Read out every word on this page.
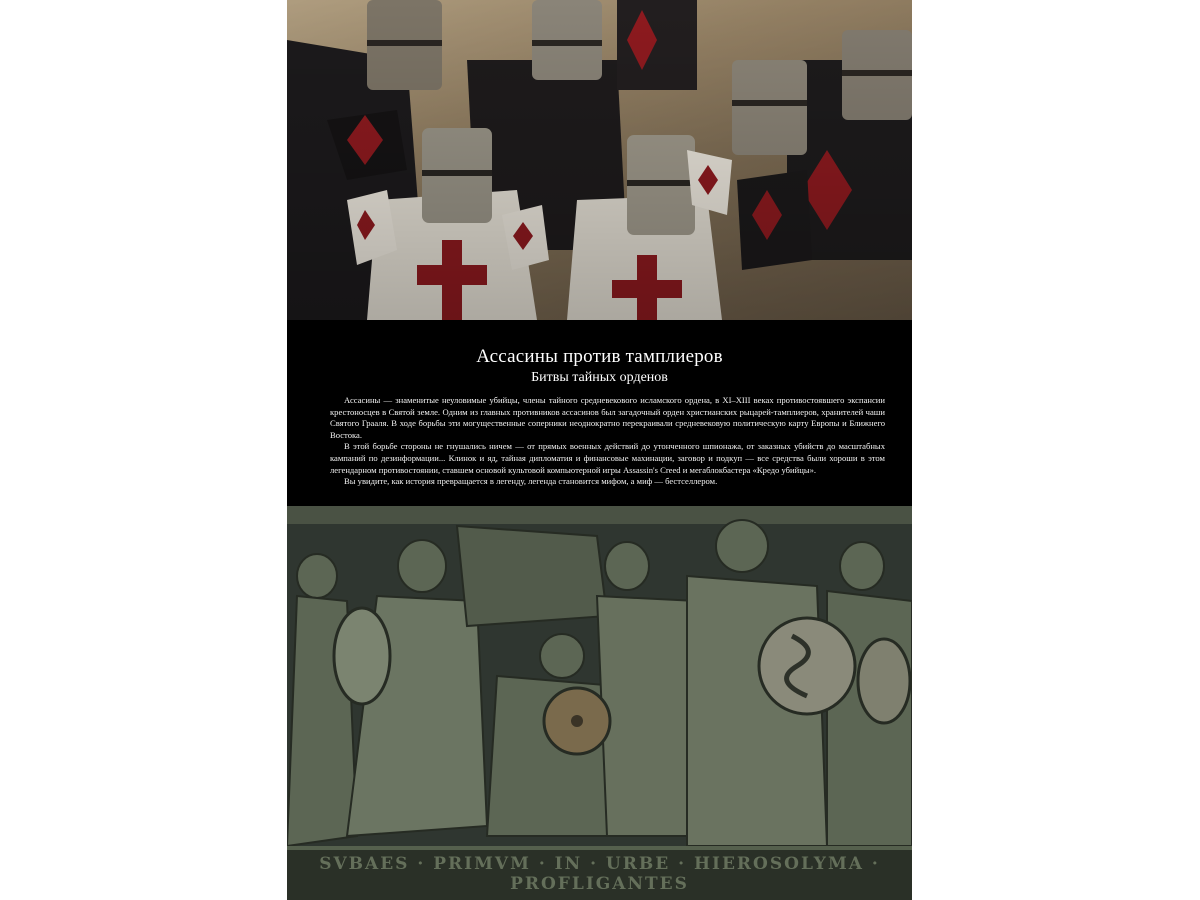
Ассасины против тамплиеров
Битвы тайных орденов

Ассасины — знаменитые неуловимые убийцы, члены тайного средневекового исламского ордена, в XI–XIII веках противостоявшего экспансии крестоносцев в Святой земле. Одним из главных противников ассасинов был загадочный орден христианских рыцарей-тамплиеров, хранителей чаши Святого Грааля. В ходе борьбы эти могущественные соперники неоднократно перекраивали средневековую политическую карту Европы и Ближнего Востока.

В этой борьбе стороны не гнушались ничем — от прямых военных действий до утонченного шпионажа, от заказных убийств до масштабных кампаний по дезинформации... Клинок и яд, тайная дипломатия и финансовые махинации, заговор и подкуп — все средства были хороши в этом легендарном противостоянии, ставшем основой культовой компьютерной игры Assassin's Creed и мегаблокбастера «Кредо убийцы».

Вы увидите, как история превращается в легенду, легенда становится мифом, а миф — бестселлером.

SVBAES · PRIMVM · IN · URBE · HIEROSOLYMA · PROFLIGANTES
